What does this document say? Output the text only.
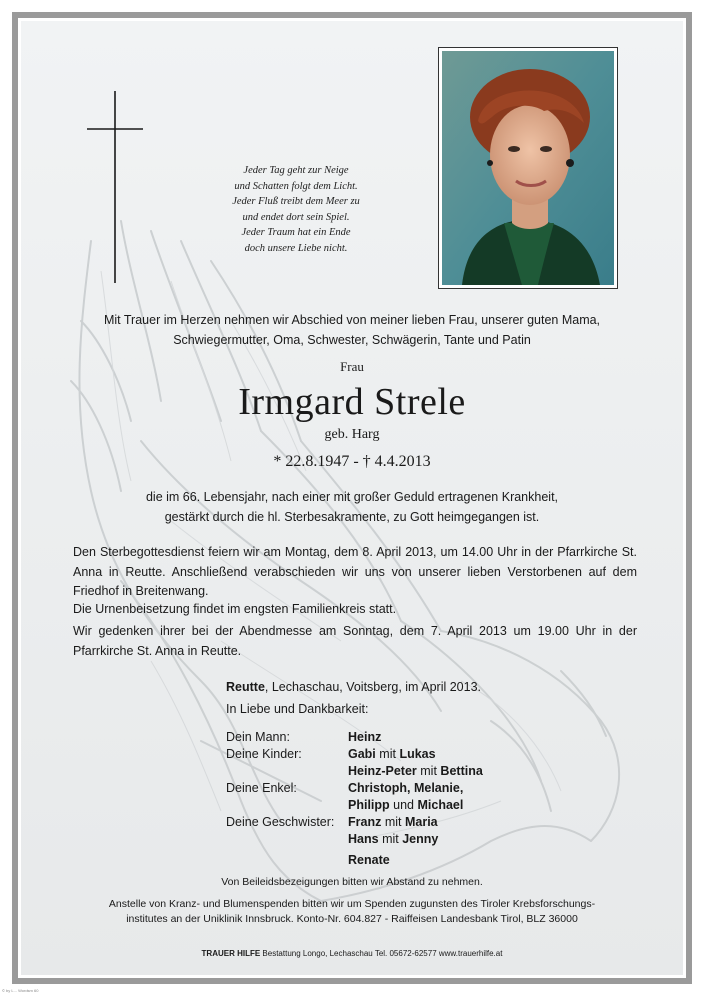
Jeder Tag geht zur Neige
und Schatten folgt dem Licht.
Jeder Fluß treibt dem Meer zu
und endet dort sein Spiel.
Jeder Traum hat ein Ende
doch unsere Liebe nicht.
Mit Trauer im Herzen nehmen wir Abschied von meiner lieben Frau, unserer guten Mama,
Schwiegermutter, Oma, Schwester, Schwägerin, Tante und Patin
Frau
Irmgard Strele
geb. Harg
* 22.8.1947 - † 4.4.2013
die im 66. Lebensjahr, nach einer mit großer Geduld ertragenen Krankheit,
gestärkt durch die hl. Sterbesakramente, zu Gott heimgegangen ist.
Den Sterbegottesdienst feiern wir am Montag, dem 8. April 2013, um 14.00 Uhr in der Pfarrkirche St. Anna in Reutte. Anschließend verabschieden wir uns von unserer lieben Verstorbenen auf dem Friedhof in Breitenwang.
Die Urnenbeisetzung findet im engsten Familienkreis statt.
Wir gedenken ihrer bei der Abendmesse am Sonntag, dem 7. April 2013 um 19.00 Uhr in der Pfarrkirche St. Anna in Reutte.
Reutte, Lechaschau, Voitsberg, im April 2013.
In Liebe und Dankbarkeit:
Dein Mann:	Heinz
Deine Kinder:	Gabi mit Lukas
Heinz-Peter mit Bettina
Deine Enkel:	Christoph, Melanie,
Philipp und Michael
Deine Geschwister: Franz mit Maria
Hans mit Jenny
Renate
Von Beileidsbezeigungen bitten wir Abstand zu nehmen.
Anstelle von Kranz- und Blumenspenden bitten wir um Spenden zugunsten des Tiroler Krebsforschungs-
institutes an der Uniklinik Innsbruck. Konto-Nr. 604.827 - Raiffeisen Landesbank Tirol, BLZ 36000
TRAUER HILFE Bestattung Longo, Lechaschau Tel. 05672-62577 www.trauerhilfe.at
© by L... Wordsm 60
